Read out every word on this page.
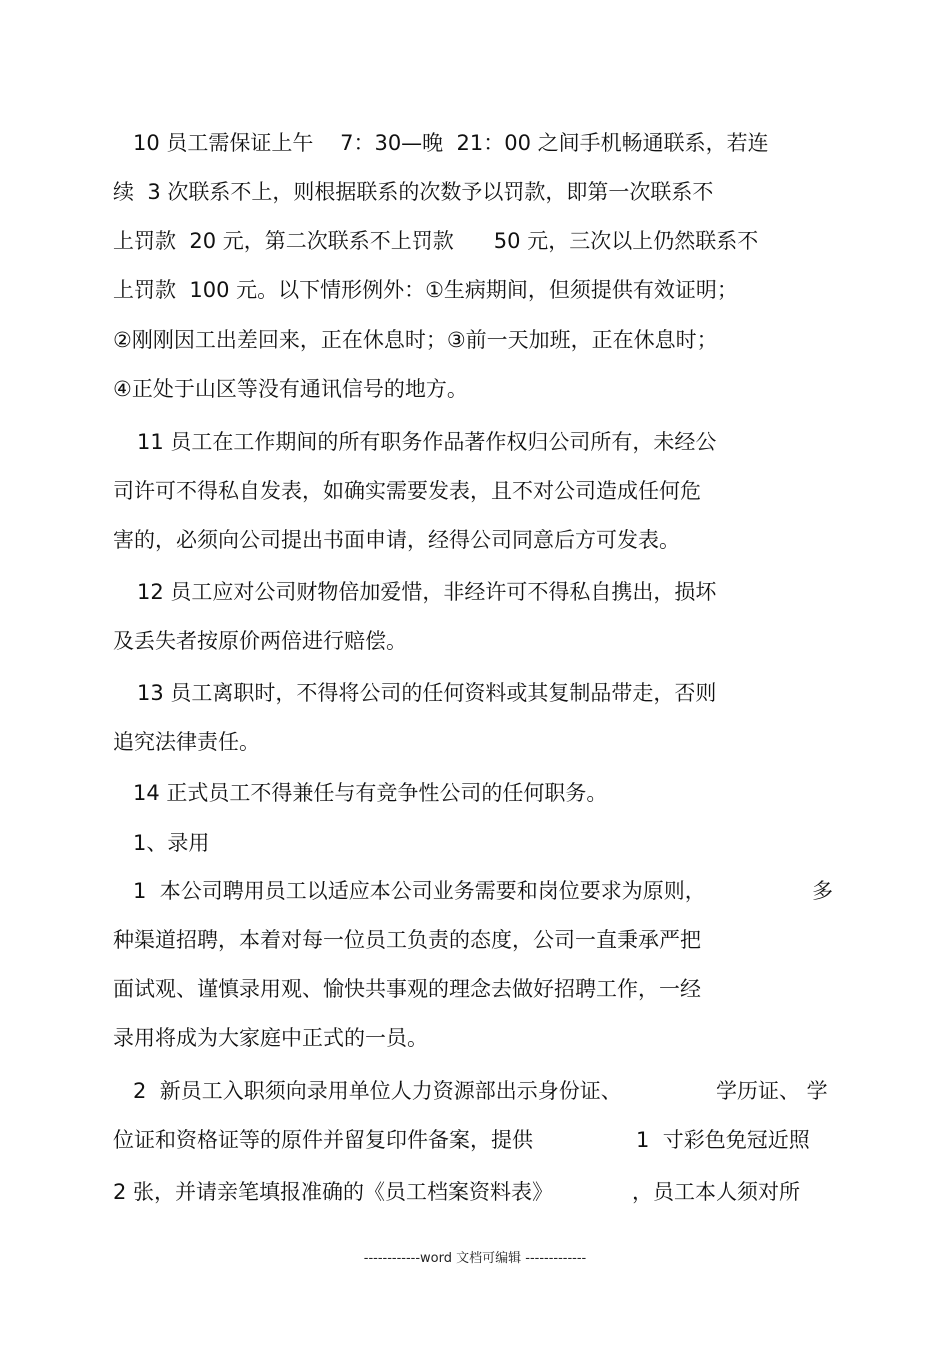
10 员工需保证上午    7：30—晚  21：00 之间手机畅通联系，若连
续  3 次联系不上，则根据联系的次数予以罚款，即第一次联系不
上罚款  20 元，第二次联系不上罚款      50 元，三次以上仍然联系不
上罚款  100 元。以下情形例外：①生病期间，但须提供有效证明；
②刚刚因工出差回来，正在休息时；③前一天加班，正在休息时；
④正处于山区等没有通讯信号的地方。
11 员工在工作期间的所有职务作品著作权归公司所有，未经公
司许可不得私自发表，如确实需要发表，且不对公司造成任何危
害的，必须向公司提出书面申请，经得公司同意后方可发表。
12 员工应对公司财物倍加爱惜，非经许可不得私自携出，损坏
及丢失者按原价两倍进行赔偿。
13 员工离职时，不得将公司的任何资料或其复制品带走，否则
追究法律责任。
14 正式员工不得兼任与有竞争性公司的任何职务。
1、录用
1  本公司聘用员工以适应本公司业务需要和岗位要求为原则，	多
种渠道招聘，本着对每一位员工负责的态度，公司一直秉承严把
面试观、谨慎录用观、愉快共事观的理念去做好招聘工作，一经
录用将成为大家庭中正式的一员。
2  新员工入职须向录用单位人力资源部出示身份证、	学历证、 学
位证和资格证等的原件并留复印件备案，提供	1  寸彩色免冠近照
2 张，并请亲笔填报准确的《员工档案资料表》	，员工本人须对所
------------word 文档可编辑 -------------
